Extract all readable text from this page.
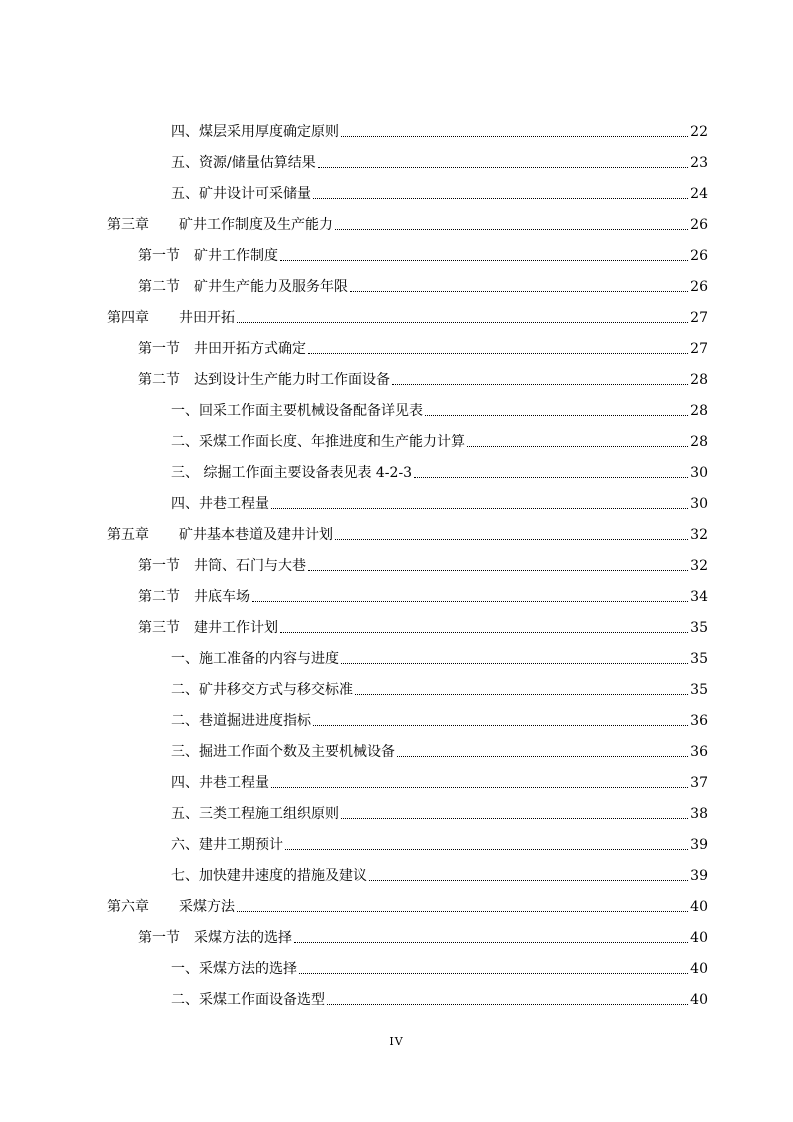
四、煤层采用厚度确定原则	22
五、资源/储量估算结果	23
五、矿井设计可采储量	24
第三章 矿井工作制度及生产能力	26
第一节 矿井工作制度	26
第二节 矿井生产能力及服务年限	26
第四章 井田开拓	27
第一节 井田开拓方式确定	27
第二节 达到设计生产能力时工作面设备	28
一、回采工作面主要机械设备配备详见表	28
二、采煤工作面长度、年推进度和生产能力计算	28
三、 综掘工作面主要设备表见表 4-2-3	30
四、井巷工程量	30
第五章 矿井基本巷道及建井计划	32
第一节 井筒、石门与大巷	32
第二节 井底车场	34
第三节 建井工作计划	35
一、施工准备的内容与进度	35
二、矿井移交方式与移交标准	35
二、巷道掘进进度指标	36
三、掘进工作面个数及主要机械设备	36
四、井巷工程量	37
五、三类工程施工组织原则	38
六、建井工期预计	39
七、加快建井速度的措施及建议	39
第六章 采煤方法	40
第一节 采煤方法的选择	40
一、采煤方法的选择	40
二、采煤工作面设备选型	40
IV
